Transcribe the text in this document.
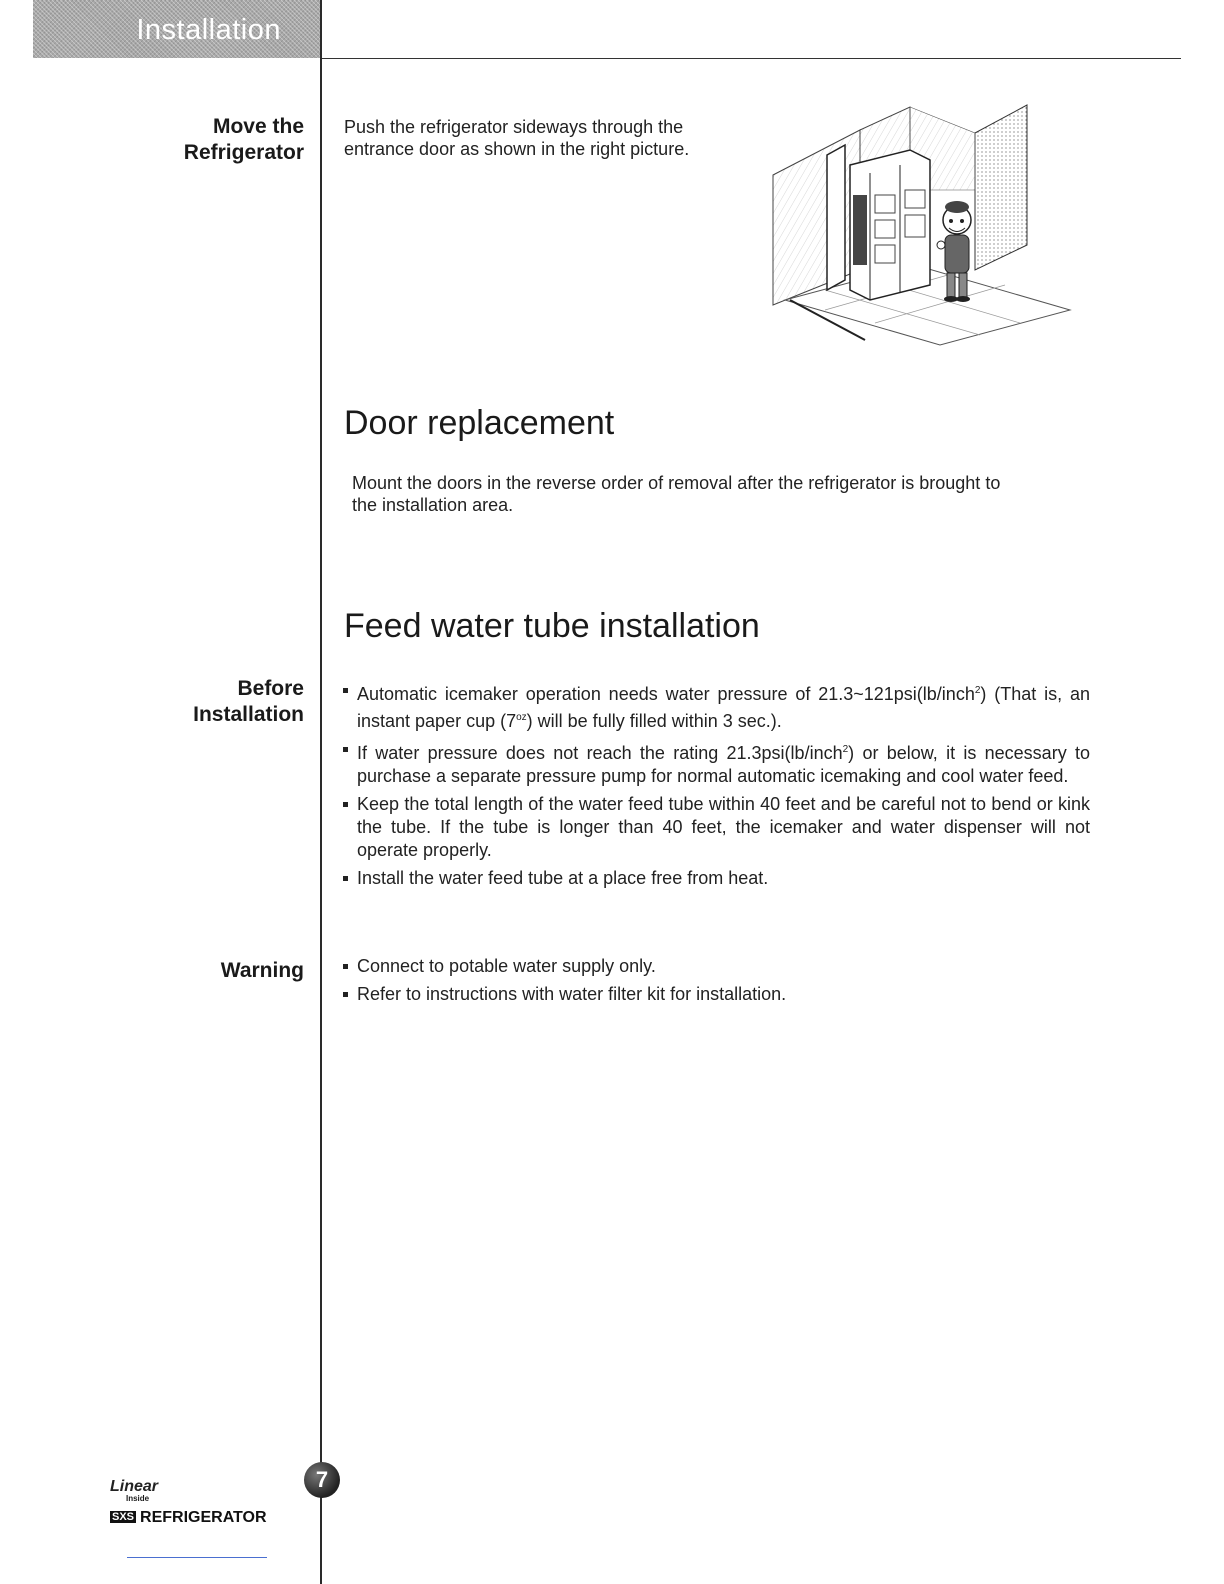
Installation
Move the
Refrigerator
Push the refrigerator sideways through the
entrance door as shown in the right picture.
Door replacement
Mount the doors in the reverse order of removal after the refrigerator is brought to
the installation area.
Feed water tube installation
Before
Installation
Automatic icemaker operation needs water pressure of 21.3~121psi(lb/inch$^2$) (That is, an instant paper cup $(7^{oz})$ will be fully filled within 3 sec.).
If water pressure does not reach the rating 21.3psi(lb/inch$^2$) or below, it is necessary to purchase a separate pressure pump for normal automatic icemaking and cool water feed.
Keep the total length of the water feed tube within 40 feet and be careful not to bend or kink the tube. If the tube is longer than 40 feet, the icemaker and water dispenser will not operate properly.
Install the water feed tube at a place free from heat.
Warning	Connect to potable water supply only.
Refer to instructions with water filter kit for installation.
7
Linear
Inside
SXS REFRIGERATOR
